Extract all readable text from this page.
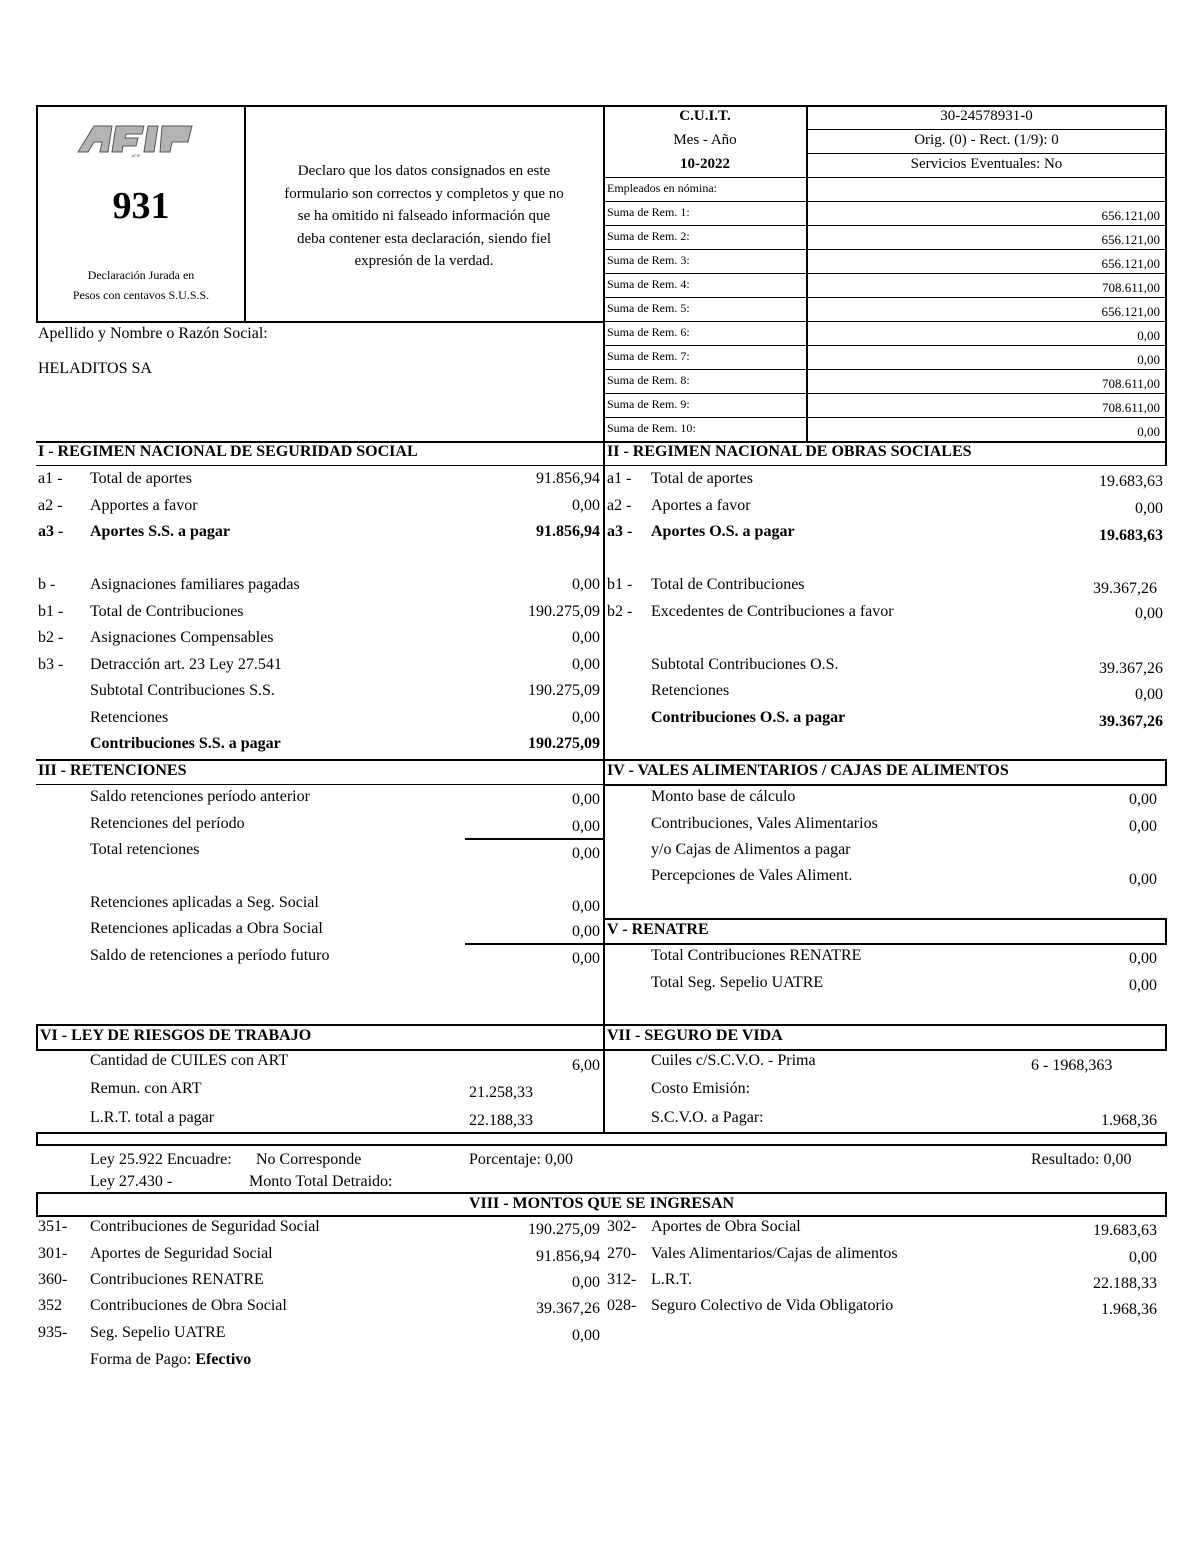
AFIP
931
Declaración Jurada en
Pesos con centavos S.U.S.S.
Declaro que los datos consignados en este
formulario son correctos y completos y que no
se ha omitido ni falseado información que
deba contener esta declaración, siendo fiel
expresión de la verdad.
C.U.I.T.	30-24578931-0
Mes - Año	Orig. (0) - Rect. (1/9): 0
10-2022	Servicios Eventuales: No
Empleados en nómina:
Suma de Rem. 1:	656.121,00
Suma de Rem. 2:	656.121,00
Suma de Rem. 3:	656.121,00
Suma de Rem. 4:	708.611,00
Suma de Rem. 5:	656.121,00
Suma de Rem. 6:	0,00
Suma de Rem. 7:	0,00
Suma de Rem. 8:	708.611,00
Suma de Rem. 9:	708.611,00
Suma de Rem. 10:	0,00
Apellido y Nombre o Razón Social:
HELADITOS SA
I - REGIMEN NACIONAL DE SEGURIDAD SOCIAL	II - REGIMEN NACIONAL DE OBRAS SOCIALES
a1 - Total de aportes	91.856,94
a2 - Apportes a favor	0,00
a3 - Aportes S.S. a pagar	91.856,94
b - Asignaciones familiares pagadas	0,00
b1 - Total de Contribuciones	190.275,09
b2 - Asignaciones Compensables	0,00
b3 - Detracción art. 23 Ley 27.541	0,00
Subtotal Contribuciones S.S.	190.275,09
Retenciones	0,00
Contribuciones S.S. a pagar	190.275,09
a1 - Total de aportes	19.683,63
a2 - Aportes a favor	0,00
a3 - Aportes O.S. a pagar	19.683,63
b1 - Total de Contribuciones	39.367,26
b2 - Excedentes de Contribuciones a favor	0,00
Subtotal Contribuciones O.S.	39.367,26
Retenciones	0,00
Contribuciones O.S. a pagar	39.367,26
III - RETENCIONES	IV - VALES ALIMENTARIOS / CAJAS DE ALIMENTOS
Saldo retenciones período anterior	0,00
Retenciones del período	0,00
Total retenciones	0,00
Retenciones aplicadas a Seg. Social	0,00
Retenciones aplicadas a Obra Social	0,00
Saldo de retenciones a período futuro	0,00
Monto base de cálculo	0,00
Contribuciones, Vales Alimentarios	0,00
y/o Cajas de Alimentos a pagar
Percepciones de Vales Aliment.	0,00
V - RENATRE
Total Contribuciones RENATRE	0,00
Total Seg. Sepelio UATRE	0,00
VI - LEY DE RIESGOS DE TRABAJO	VII - SEGURO DE VIDA
Cantidad de CUILES con ART	6,00
Remun. con ART	21.258,33
L.R.T. total a pagar	22.188,33
Cuiles c/S.C.V.O. - Prima	6 - 1968,363
Costo Emisión:
S.C.V.O. a Pagar:	1.968,36
Ley 25.922 Encuadre: No Corresponde	Porcentaje: 0,00	Resultado: 0,00
Ley 27.430 -	Monto Total Detraido:
VIII - MONTOS QUE SE INGRESAN
351- Contribuciones de Seguridad Social	190.275,09
301- Aportes de Seguridad Social	91.856,94
360- Contribuciones RENATRE	0,00
352 Contribuciones de Obra Social	39.367,26
935- Seg. Sepelio UATRE	0,00
302- Aportes de Obra Social	19.683,63
270- Vales Alimentarios/Cajas de alimentos	0,00
312- L.R.T.	22.188,33
028- Seguro Colectivo de Vida Obligatorio	1.968,36
Forma de Pago: Efectivo
